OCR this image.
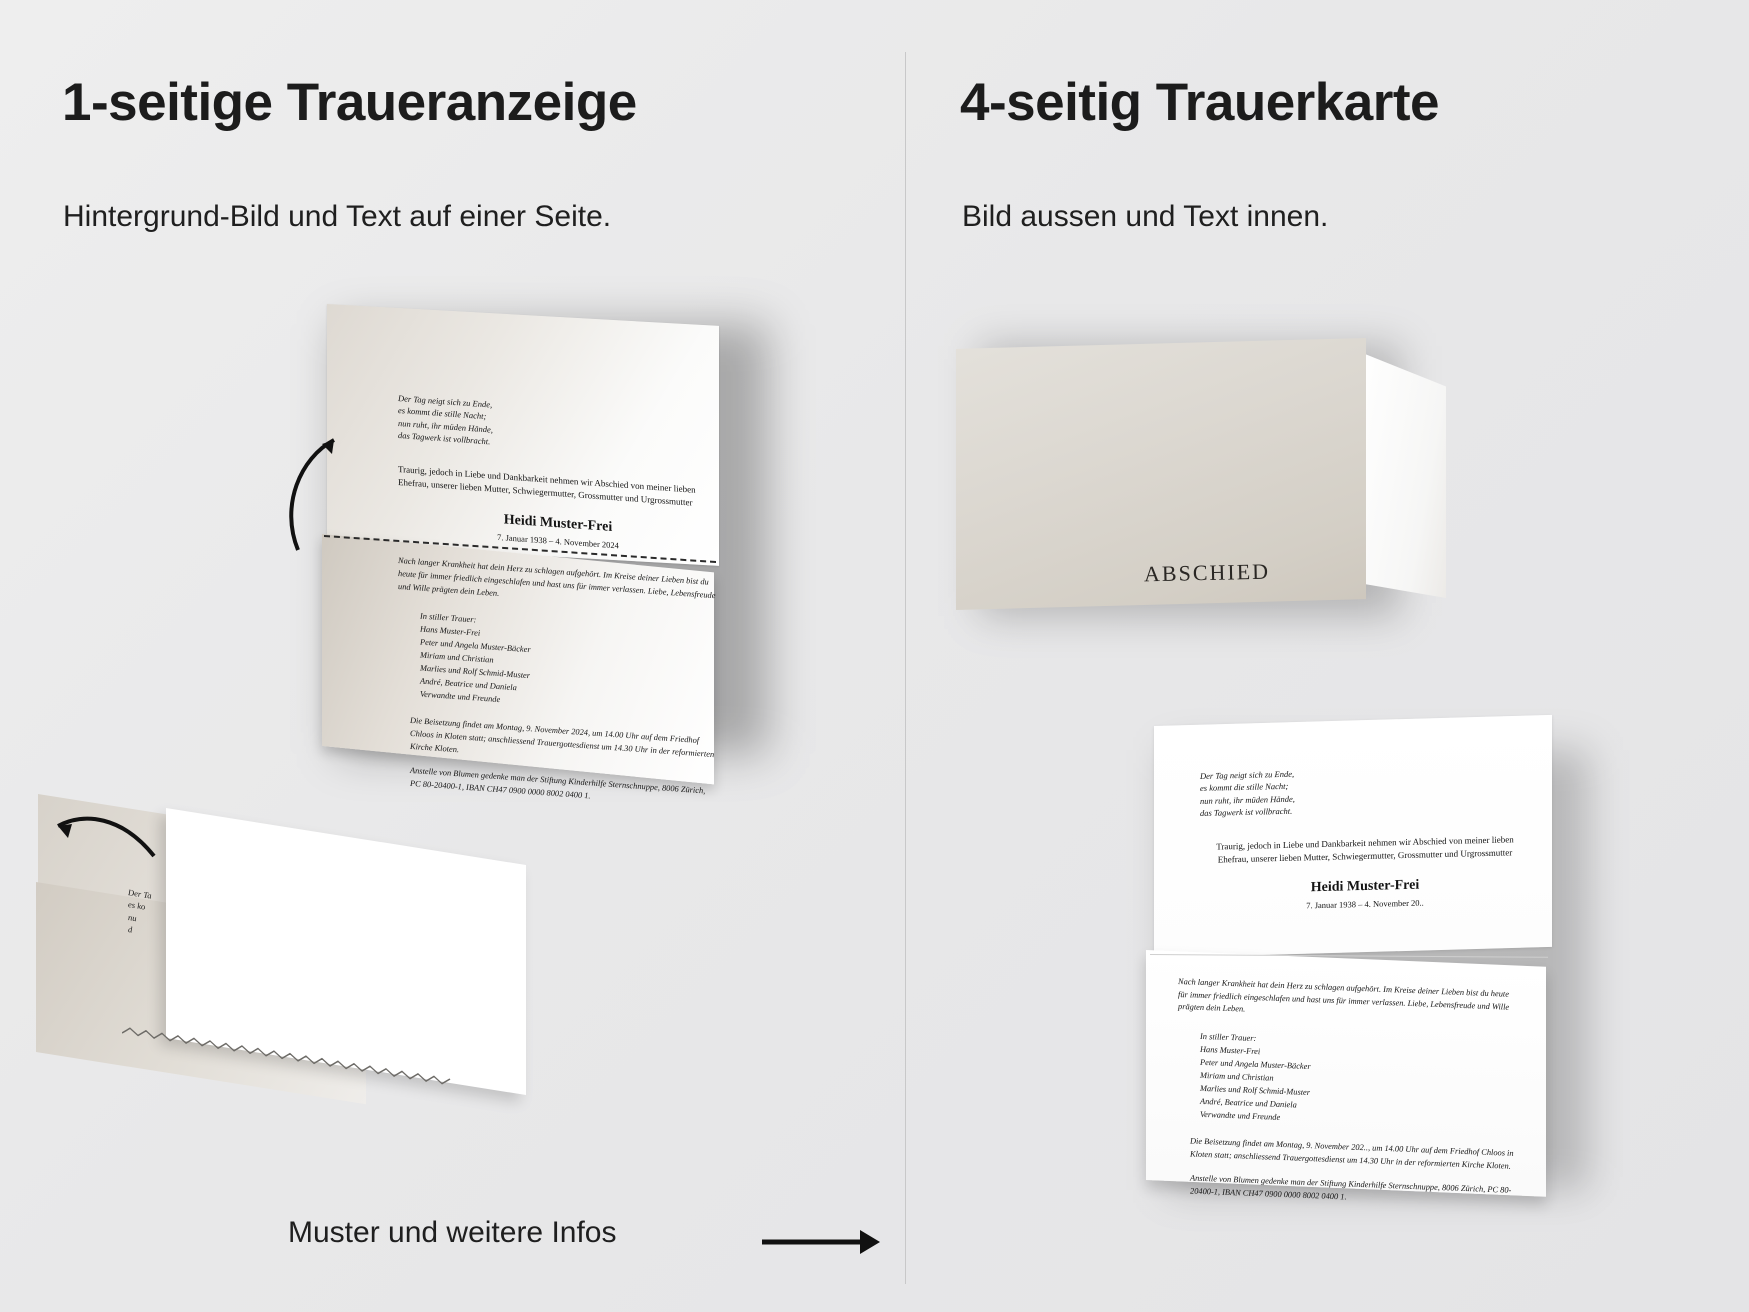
1-seitige Traueranzeige
Hintergrund-Bild und Text auf einer Seite.
Der Tag neigt sich zu Ende,
es kommt die stille Nacht;
nun ruht, ihr müden Hände,
das Tagwerk ist vollbracht.
Traurig, jedoch in Liebe und Dankbarkeit nehmen wir Abschied von meiner lieben Ehefrau, unserer lieben Mutter, Schwiegermutter, Grossmutter und Urgrossmutter
Heidi Muster-Frei
7. Januar 1938 – 4. November 2024
Nach langer Krankheit hat dein Herz zu schlagen aufgehört. Im Kreise deiner Lieben bist du heute für immer friedlich eingeschlafen und hast uns für immer verlassen. Liebe, Lebensfreude und Wille prägten dein Leben.
In stiller Trauer:
Hans Muster-Frei
Peter und Angela Muster-Bäcker
Miriam und Christian
Marlies und Rolf Schmid-Muster
André, Beatrice und Daniela
Verwandte und Freunde
Die Beisetzung findet am Montag, 9. November 2024, um 14.00 Uhr auf dem Friedhof Chloos in Kloten statt; anschliessend Trauergottesdienst um 14.30 Uhr in der reformierten Kirche Kloten.
Anstelle von Blumen gedenke man der Stiftung Kinderhilfe Sternschnuppe, 8006 Zürich, PC 80-20400-1, IBAN CH47 0900 0000 8002 0400 1.
Der Ta
es ko
nu
d
Muster und weitere Infos
4-seitig Trauerkarte
Bild aussen und Text innen.
ABSCHIED
Der Tag neigt sich zu Ende,
es kommt die stille Nacht;
nun ruht, ihr müden Hände,
das Tagwerk ist vollbracht.
Traurig, jedoch in Liebe und Dankbarkeit nehmen wir Abschied von meiner lieben Ehefrau, unserer lieben Mutter, Schwiegermutter, Grossmutter und Urgrossmutter
Heidi Muster-Frei
7. Januar 1938 – 4. November 20..
Nach langer Krankheit hat dein Herz zu schlagen aufgehört. Im Kreise deiner Lieben bist du heute für immer friedlich eingeschlafen und hast uns für immer verlassen. Liebe, Lebensfreude und Wille prägten dein Leben.
In stiller Trauer:
Hans Muster-Frei
Peter und Angela Muster-Bäcker
Miriam und Christian
Marlies und Rolf Schmid-Muster
André, Beatrice und Daniela
Verwandte und Freunde
Die Beisetzung findet am Montag, 9. November 202.., um 14.00 Uhr auf dem Friedhof Chloos in Kloten statt; anschliessend Trauergottesdienst um 14.30 Uhr in der reformierten Kirche Kloten.
Anstelle von Blumen gedenke man der Stiftung Kinderhilfe Sternschnuppe, 8006 Zürich, PC 80-20400-1, IBAN CH47 0900 0000 8002 0400 1.
